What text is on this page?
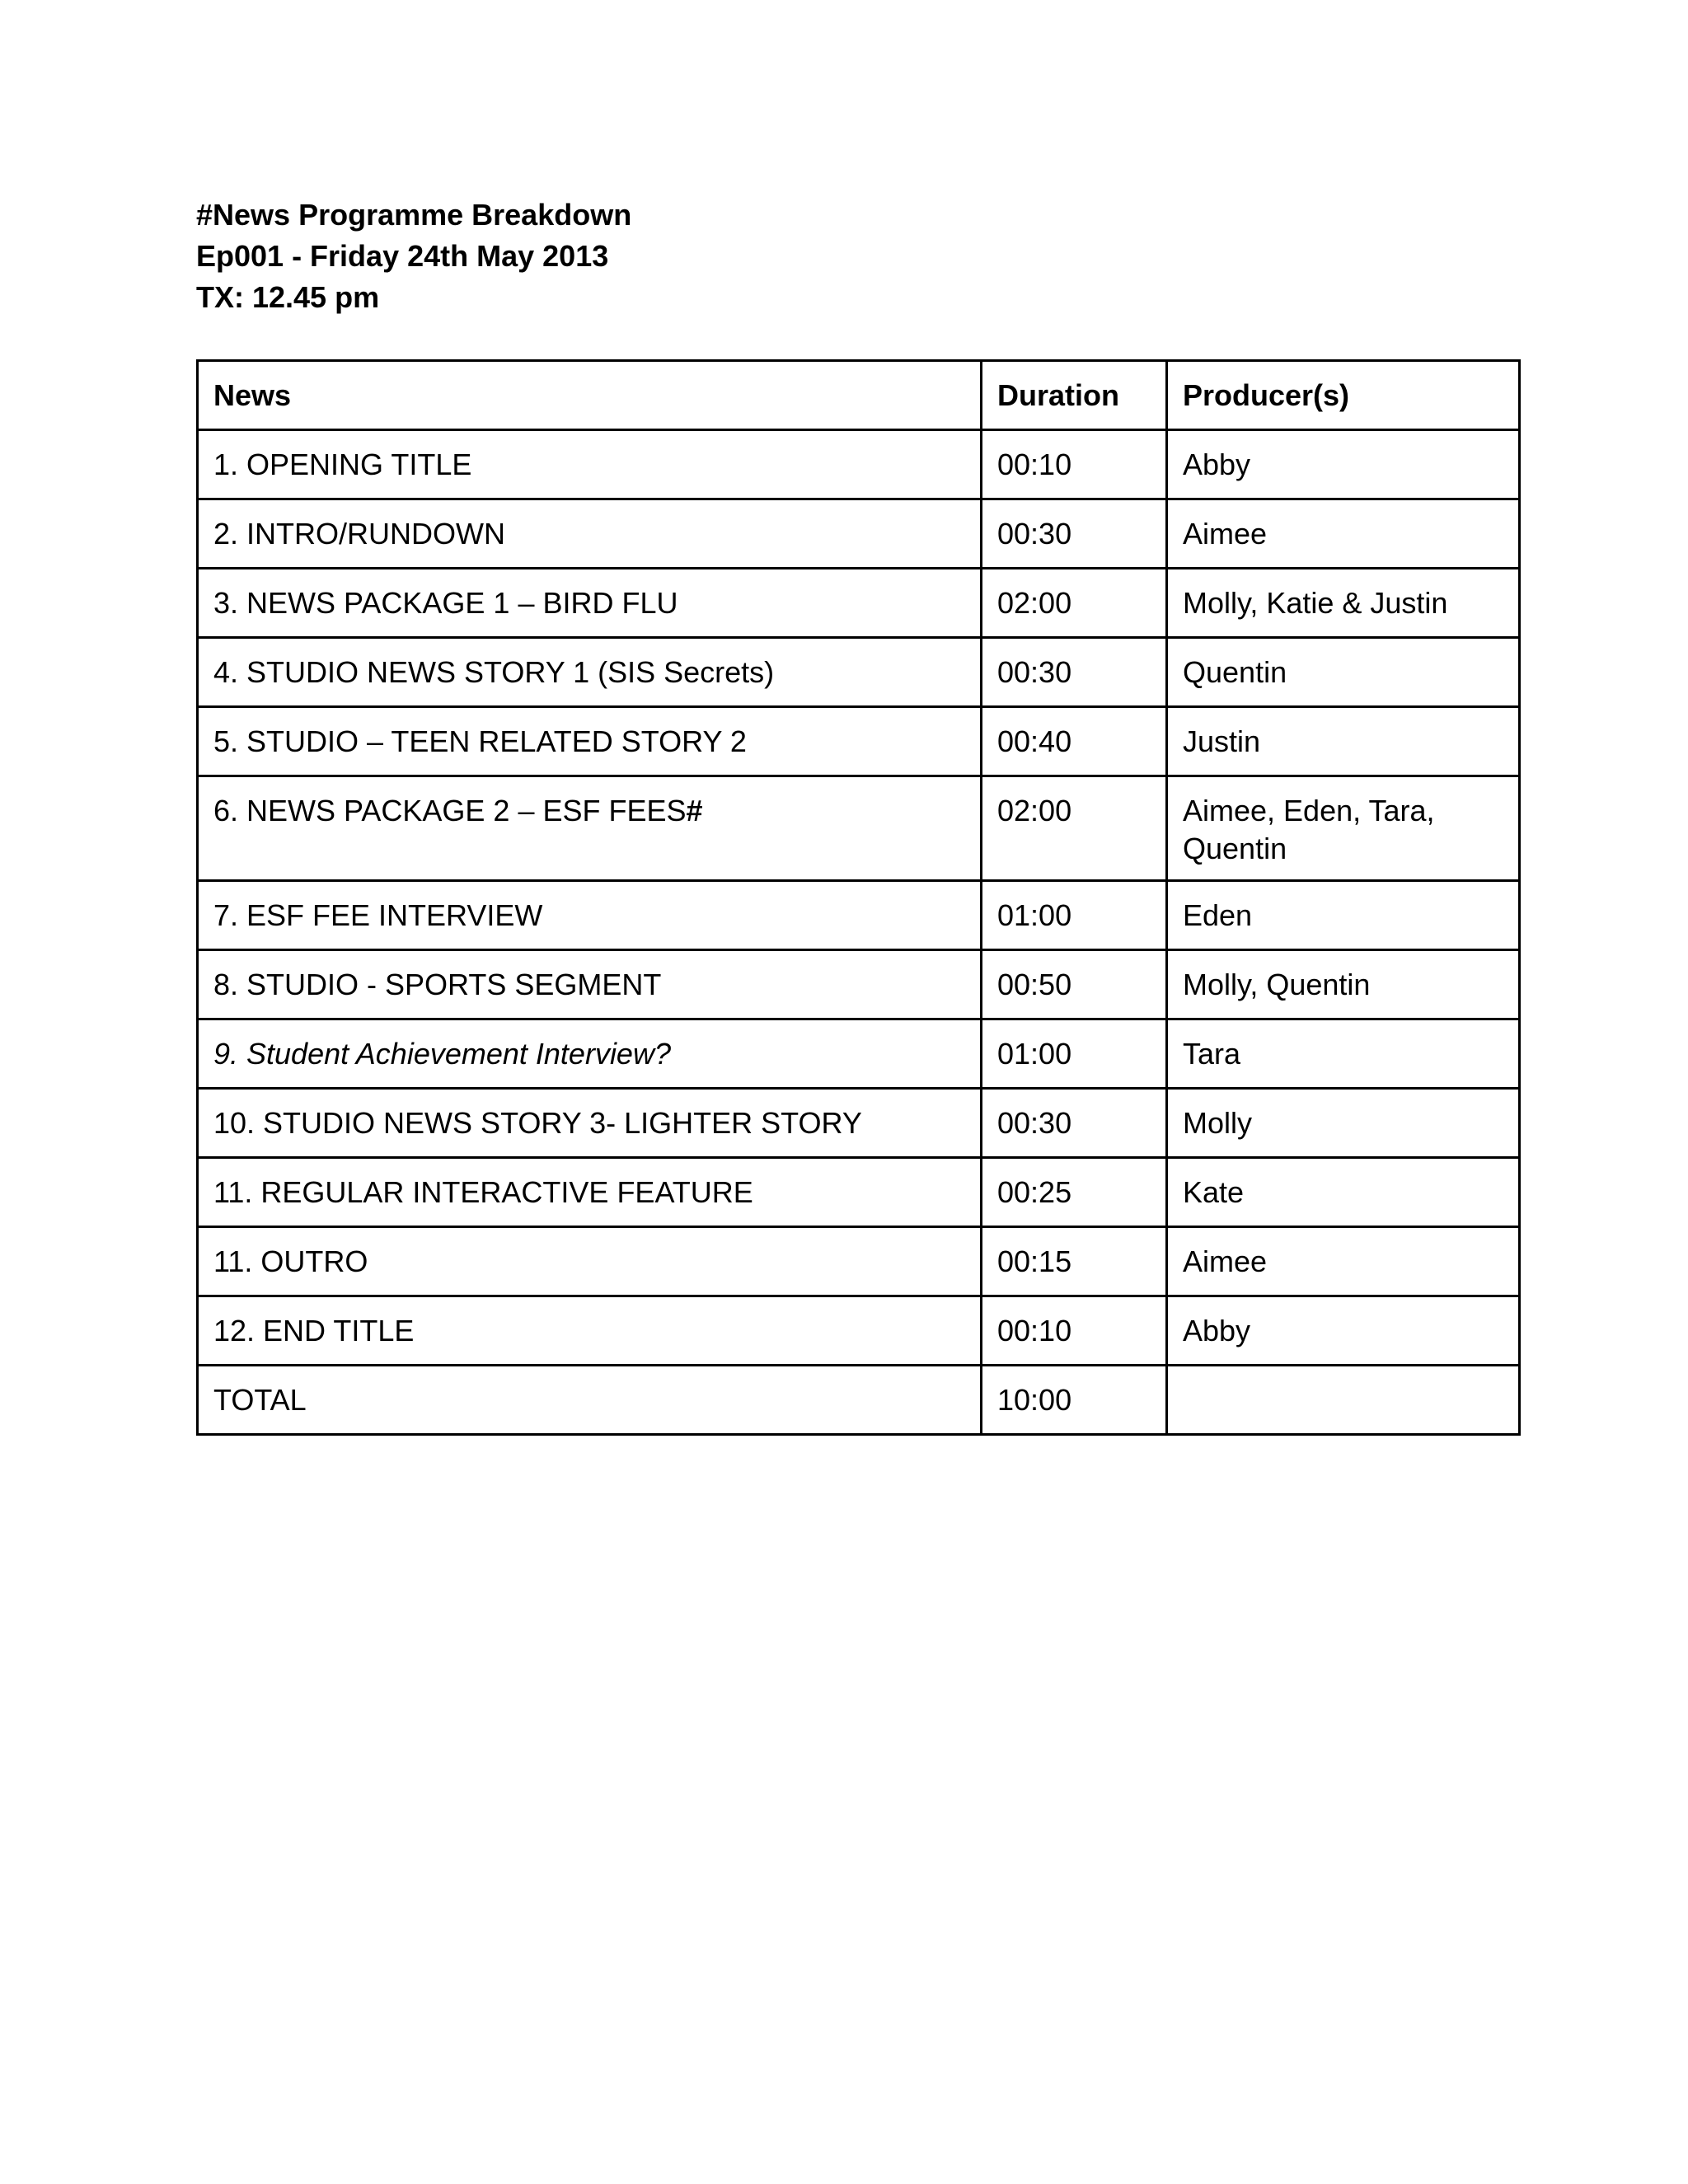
#News Programme Breakdown
Ep001 - Friday 24th May 2013
TX: 12.45 pm
News	Duration	Producer(s)
1. OPENING TITLE	00:10	Abby
2. INTRO/RUNDOWN	00:30	Aimee
3. NEWS PACKAGE 1 – BIRD FLU	02:00	Molly, Katie & Justin
4. STUDIO NEWS STORY 1 (SIS Secrets)	00:30	Quentin
5. STUDIO – TEEN RELATED STORY 2	00:40	Justin
6. NEWS PACKAGE 2 – ESF FEES#	02:00	Aimee, Eden, Tara, Quentin
7. ESF FEE INTERVIEW	01:00	Eden
8. STUDIO - SPORTS SEGMENT	00:50	Molly, Quentin
9. Student Achievement Interview?	01:00	Tara
10. STUDIO NEWS STORY 3- LIGHTER STORY	00:30	Molly
11. REGULAR INTERACTIVE FEATURE	00:25	Kate
11. OUTRO	00:15	Aimee
12. END TITLE	00:10	Abby
TOTAL	10:00	
